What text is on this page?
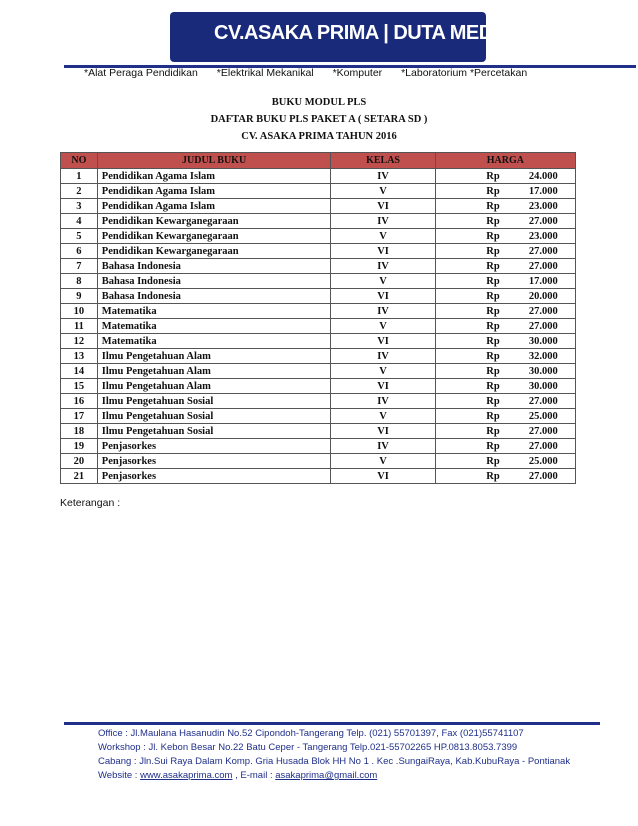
CV.ASAKA PRIMA | DUTA MEDIA GROUP
*Alat Peraga Pendidikan *Elektrikal Mekanikal *Komputer *Laboratorium *Percetakan
BUKU MODUL PLS
DAFTAR BUKU PLS PAKET A ( SETARA SD )
CV. ASAKA PRIMA TAHUN 2016
NO	JUDUL BUKU	KELAS	HARGA
1	Pendidikan Agama Islam	IV	Rp 24.000
2	Pendidikan Agama Islam	V	Rp 17.000
3	Pendidikan Agama Islam	VI	Rp 23.000
4	Pendidikan Kewarganegaraan	IV	Rp 27.000
5	Pendidikan Kewarganegaraan	V	Rp 23.000
6	Pendidikan Kewarganegaraan	VI	Rp 27.000
7	Bahasa Indonesia	IV	Rp 27.000
8	Bahasa Indonesia	V	Rp 17.000
9	Bahasa Indonesia	VI	Rp 20.000
10	Matematika	IV	Rp 27.000
11	Matematika	V	Rp 27.000
12	Matematika	VI	Rp 30.000
13	Ilmu Pengetahuan Alam	IV	Rp 32.000
14	Ilmu Pengetahuan Alam	V	Rp 30.000
15	Ilmu Pengetahuan Alam	VI	Rp 30.000
16	Ilmu Pengetahuan Sosial	IV	Rp 27.000
17	Ilmu Pengetahuan Sosial	V	Rp 25.000
18	Ilmu Pengetahuan Sosial	VI	Rp 27.000
19	Penjasorkes	IV	Rp 27.000
20	Penjasorkes	V	Rp 25.000
21	Penjasorkes	VI	Rp 27.000
Keterangan :
Office : Jl.Maulana Hasanudin No.52 Cipondoh-Tangerang Telp. (021) 55701397, Fax (021)55741107
Workshop : Jl. Kebon Besar No.22 Batu Ceper - Tangerang Telp.021-55702265 HP.0813.8053.7399
Cabang : Jln.Sui Raya Dalam Komp. Gria Husada Blok HH No 1 . Kec .SungaiRaya, Kab.KubuRaya - Pontianak
Website : www.asakaprima.com , E-mail : asakaprima@gmail.com
